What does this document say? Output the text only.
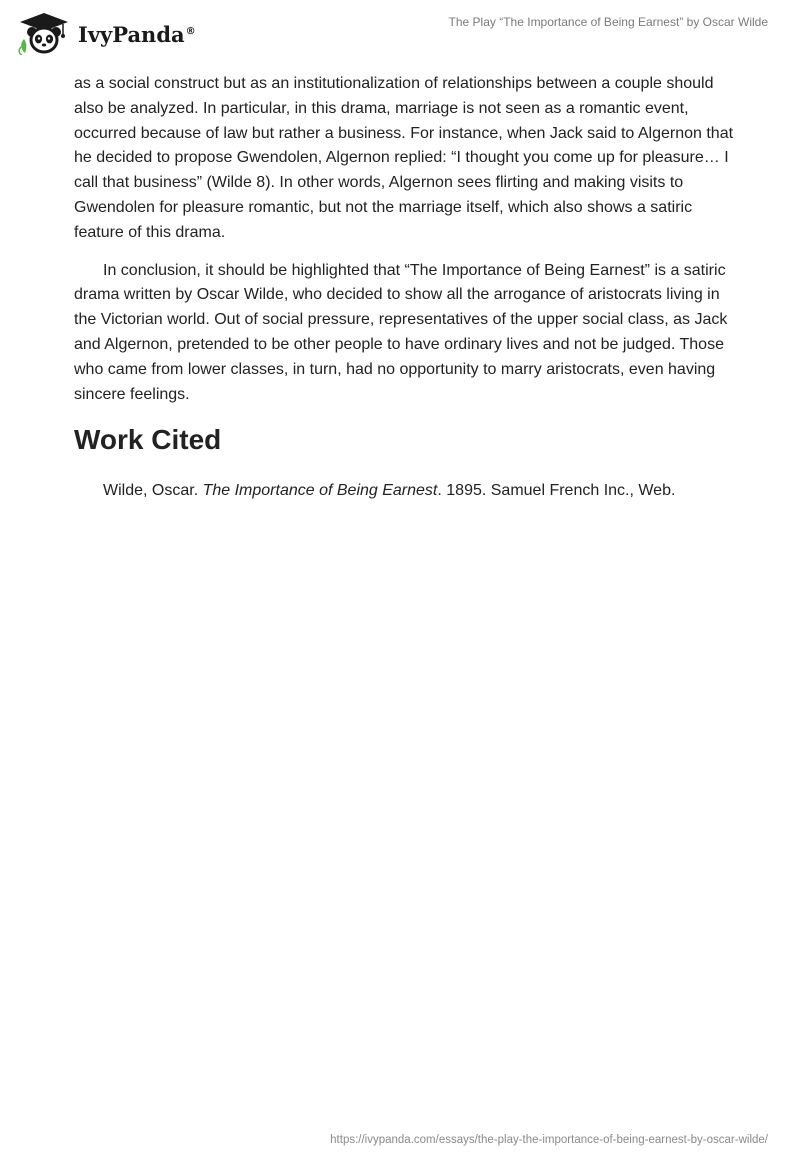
IvyPanda®
The Play “The Importance of Being Earnest” by Oscar Wilde

as a social construct but as an institutionalization of relationships between a couple should also be analyzed. In particular, in this drama, marriage is not seen as a romantic event, occurred because of law but rather a business. For instance, when Jack said to Algernon that he decided to propose Gwendolen, Algernon replied: “I thought you come up for pleasure… I call that business” (Wilde 8). In other words, Algernon sees flirting and making visits to Gwendolen for pleasure romantic, but not the marriage itself, which also shows a satiric feature of this drama.

In conclusion, it should be highlighted that “The Importance of Being Earnest” is a satiric drama written by Oscar Wilde, who decided to show all the arrogance of aristocrats living in the Victorian world. Out of social pressure, representatives of the upper social class, as Jack and Algernon, pretended to be other people to have ordinary lives and not be judged. Those who came from lower classes, in turn, had no opportunity to marry aristocrats, even having sincere feelings.

Work Cited

Wilde, Oscar. The Importance of Being Earnest. 1895. Samuel French Inc., Web.

https://ivypanda.com/essays/the-play-the-importance-of-being-earnest-by-oscar-wilde/
